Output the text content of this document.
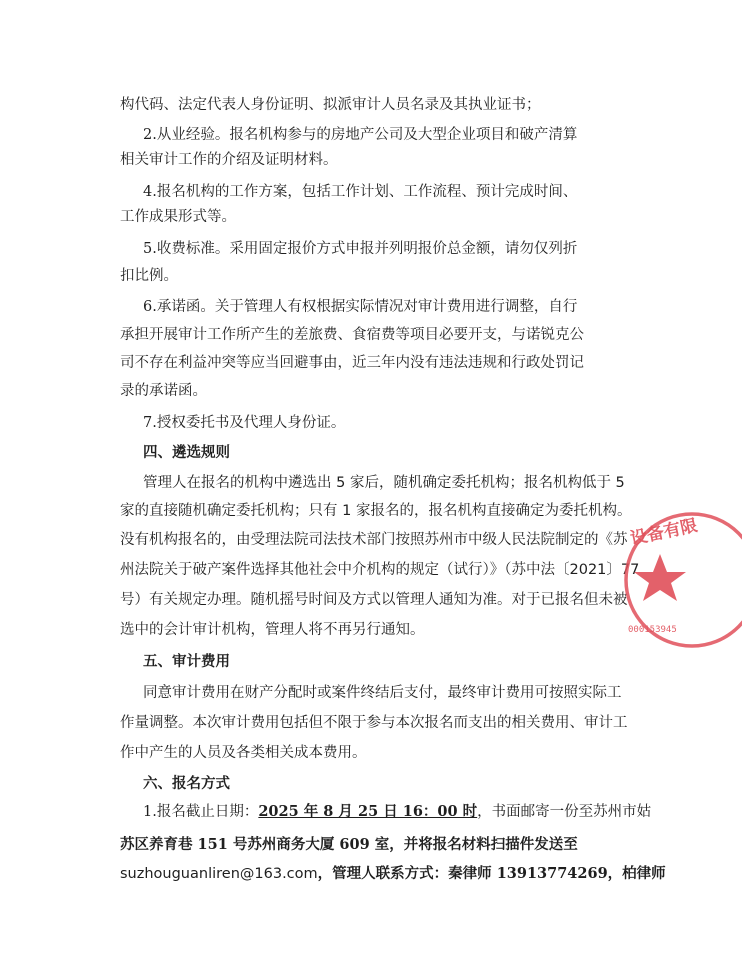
构代码、法定代表人身份证明、拟派审计人员名录及其执业证书；
2.从业经验。报名机构参与的房地产公司及大型企业项目和破产清算
相关审计工作的介绍及证明材料。
4.报名机构的工作方案，包括工作计划、工作流程、预计完成时间、
工作成果形式等。
5.收费标准。采用固定报价方式申报并列明报价总金额，请勿仅列折
扣比例。
6.承诺函。关于管理人有权根据实际情况对审计费用进行调整，自行
承担开展审计工作所产生的差旅费、食宿费等项目必要开支，与诺锐克公
司不存在利益冲突等应当回避事由，近三年内没有违法违规和行政处罚记
录的承诺函。
7.授权委托书及代理人身份证。
四、遴选规则
管理人在报名的机构中遴选出 5 家后，随机确定委托机构；报名机构低于 5
家的直接随机确定委托机构；只有 1 家报名的，报名机构直接确定为委托机构。
没有机构报名的，由受理法院司法技术部门按照苏州市中级人民法院制定的《苏
州法院关于破产案件选择其他社会中介机构的规定（试行）》（苏中法〔2021〕77
号）有关规定办理。随机摇号时间及方式以管理人通知为准。对于已报名但未被
选中的会计审计机构，管理人将不再另行通知。
五、审计费用
同意审计费用在财产分配时或案件终结后支付，最终审计费用可按照实际工
作量调整。本次审计费用包括但不限于参与本次报名而支出的相关费用、审计工
作中产生的人员及各类相关成本费用。
六、报名方式
1.报名截止日期：2025 年 8 月 25 日 16：00 时，书面邮寄一份至苏州市姑
苏区养育巷 151 号苏州商务大厦 609 室，并将报名材料扫描件发送至
suzhouguanliren@163.com，管理人联系方式：秦律师 13913774269，柏律师
设备有限
000153945
